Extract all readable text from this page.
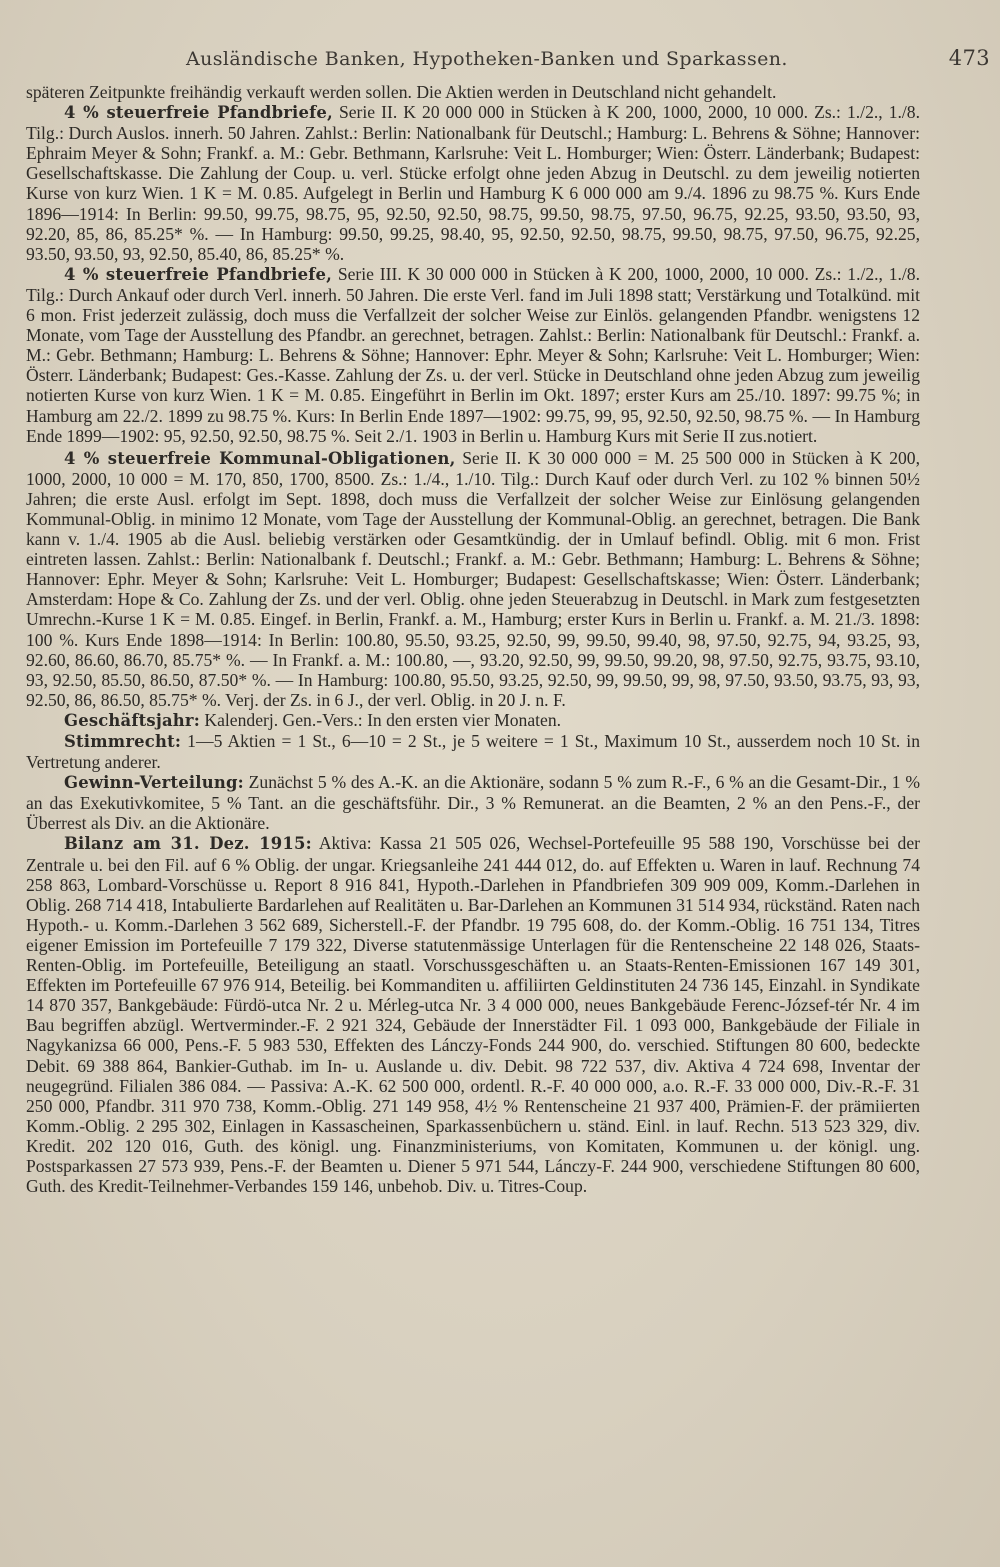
Ausländische Banken, Hypotheken-Banken und Sparkassen.	473

späteren Zeitpunkte freihändig verkauft werden sollen. Die Aktien werden in Deutschland nicht gehandelt.

4 % steuerfreie Pfandbriefe, Serie II. K 20 000 000 in Stücken à K 200, 1000, 2000, 10 000. Zs.: 1./2., 1./8. Tilg.: Durch Auslos. innerh. 50 Jahren. Zahlst.: Berlin: Nationalbank für Deutschl.; Hamburg: L. Behrens & Söhne; Hannover: Ephraim Meyer & Sohn; Frankf. a. M.: Gebr. Bethmann, Karlsruhe: Veit L. Homburger; Wien: Österr. Länderbank; Budapest: Gesellschaftskasse. Die Zahlung der Coup. u. verl. Stücke erfolgt ohne jeden Abzug in Deutschl. zu dem jeweilig notierten Kurse von kurz Wien. 1 K = M. 0.85. Aufgelegt in Berlin und Hamburg K 6 000 000 am 9./4. 1896 zu 98.75 %. Kurs Ende 1896—1914: In Berlin: 99.50, 99.75, 98.75, 95, 92.50, 92.50, 98.75, 99.50, 98.75, 97.50, 96.75, 92.25, 93.50, 93.50, 93, 92.20, 85, 86, 85.25* %. — In Hamburg: 99.50, 99.25, 98.40, 95, 92.50, 92.50, 98.75, 99.50, 98.75, 97.50, 96.75, 92.25, 93.50, 93.50, 93, 92.50, 85.40, 86, 85.25* %.

4 % steuerfreie Pfandbriefe, Serie III. K 30 000 000 in Stücken à K 200, 1000, 2000, 10 000. Zs.: 1./2., 1./8. Tilg.: Durch Ankauf oder durch Verl. innerh. 50 Jahren. Die erste Verl. fand im Juli 1898 statt; Verstärkung und Totalkünd. mit 6 mon. Frist jederzeit zulässig, doch muss die Verfallzeit der solcher Weise zur Einlös. gelangenden Pfandbr. wenigstens 12 Monate, vom Tage der Ausstellung des Pfandbr. an gerechnet, betragen. Zahlst.: Berlin: Nationalbank für Deutschl.: Frankf. a. M.: Gebr. Bethmann; Hamburg: L. Behrens & Söhne; Hannover: Ephr. Meyer & Sohn; Karlsruhe: Veit L. Homburger; Wien: Österr. Länderbank; Budapest: Ges.-Kasse. Zahlung der Zs. u. der verl. Stücke in Deutschland ohne jeden Abzug zum jeweilig notierten Kurse von kurz Wien. 1 K = M. 0.85. Eingeführt in Berlin im Okt. 1897; erster Kurs am 25./10. 1897: 99.75 %; in Hamburg am 22./2. 1899 zu 98.75 %. Kurs: In Berlin Ende 1897—1902: 99.75, 99, 95, 92.50, 92.50, 98.75 %. — In Hamburg Ende 1899—1902: 95, 92.50, 92.50, 98.75 %. Seit 2./1. 1903 in Berlin u. Hamburg Kurs mit Serie II zus.notiert.

4 % steuerfreie Kommunal-Obligationen, Serie II. K 30 000 000 = M. 25 500 000 in Stücken à K 200, 1000, 2000, 10 000 = M. 170, 850, 1700, 8500. Zs.: 1./4., 1./10. Tilg.: Durch Kauf oder durch Verl. zu 102 % binnen 50½ Jahren; die erste Ausl. erfolgt im Sept. 1898, doch muss die Verfallzeit der solcher Weise zur Einlösung gelangenden Kommunal-Oblig. in minimo 12 Monate, vom Tage der Ausstellung der Kommunal-Oblig. an gerechnet, betragen. Die Bank kann v. 1./4. 1905 ab die Ausl. beliebig verstärken oder Gesamtkündig. der in Umlauf befindl. Oblig. mit 6 mon. Frist eintreten lassen. Zahlst.: Berlin: Nationalbank f. Deutschl.; Frankf. a. M.: Gebr. Bethmann; Hamburg: L. Behrens & Söhne; Hannover: Ephr. Meyer & Sohn; Karlsruhe: Veit L. Homburger; Budapest: Gesellschaftskasse; Wien: Österr. Länderbank; Amsterdam: Hope & Co. Zahlung der Zs. und der verl. Oblig. ohne jeden Steuerabzug in Deutschl. in Mark zum festgesetzten Umrechn.-Kurse 1 K = M. 0.85. Eingef. in Berlin, Frankf. a. M., Hamburg; erster Kurs in Berlin u. Frankf. a. M. 21./3. 1898: 100 %. Kurs Ende 1898—1914: In Berlin: 100.80, 95.50, 93.25, 92.50, 99, 99.50, 99.40, 98, 97.50, 92.75, 94, 93.25, 93, 92.60, 86.60, 86.70, 85.75* %. — In Frankf. a. M.: 100.80, —, 93.20, 92.50, 99, 99.50, 99.20, 98, 97.50, 92.75, 93.75, 93.10, 93, 92.50, 85.50, 86.50, 87.50* %. — In Hamburg: 100.80, 95.50, 93.25, 92.50, 99, 99.50, 99, 98, 97.50, 93.50, 93.75, 93, 93, 92.50, 86, 86.50, 85.75* %. Verj. der Zs. in 6 J., der verl. Oblig. in 20 J. n. F.

Geschäftsjahr: Kalenderj. Gen.-Vers.: In den ersten vier Monaten.

Stimmrecht: 1—5 Aktien = 1 St., 6—10 = 2 St., je 5 weitere = 1 St., Maximum 10 St., ausserdem noch 10 St. in Vertretung anderer.

Gewinn-Verteilung: Zunächst 5 % des A.-K. an die Aktionäre, sodann 5 % zum R.-F., 6 % an die Gesamt-Dir., 1 % an das Exekutivkomitee, 5 % Tant. an die geschäftsführ. Dir., 3 % Remunerat. an die Beamten, 2 % an den Pens.-F., der Überrest als Div. an die Aktionäre.

Bilanz am 31. Dez. 1915: Aktiva: Kassa 21 505 026, Wechsel-Portefeuille 95 588 190, Vorschüsse bei der Zentrale u. bei den Fil. auf 6 % Oblig. der ungar. Kriegsanleihe 241 444 012, do. auf Effekten u. Waren in lauf. Rechnung 74 258 863, Lombard-Vorschüsse u. Report 8 916 841, Hypoth.-Darlehen in Pfandbriefen 309 909 009, Komm.-Darlehen in Oblig. 268 714 418, Intabulierte Bardarlehen auf Realitäten u. Bar-Darlehen an Kommunen 31 514 934, rückständ. Raten nach Hypoth.- u. Komm.-Darlehen 3 562 689, Sicherstell.-F. der Pfandbr. 19 795 608, do. der Komm.-Oblig. 16 751 134, Titres eigener Emission im Portefeuille 7 179 322, Diverse statutenmässige Unterlagen für die Rentenscheine 22 148 026, Staats-Renten-Oblig. im Portefeuille, Beteiligung an staatl. Vorschussgeschäften u. an Staats-Renten-Emissionen 167 149 301, Effekten im Portefeuille 67 976 914, Beteilig. bei Kommanditen u. affiliirten Geldinstituten 24 736 145, Einzahl. in Syndikate 14 870 357, Bankgebäude: Fürdö-utca Nr. 2 u. Mérleg-utca Nr. 3 4 000 000, neues Bankgebäude Ferenc-József-tér Nr. 4 im Bau begriffen abzügl. Wertverminder.-F. 2 921 324, Gebäude der Innerstädter Fil. 1 093 000, Bankgebäude der Filiale in Nagykanizsa 66 000, Pens.-F. 5 983 530, Effekten des Lánczy-Fonds 244 900, do. verschied. Stiftungen 80 600, bedeckte Debit. 69 388 864, Bankier-Guthab. im In- u. Auslande u. div. Debit. 98 722 537, div. Aktiva 4 724 698, Inventar der neugegründ. Filialen 386 084. — Passiva: A.-K. 62 500 000, ordentl. R.-F. 40 000 000, a.o. R.-F. 33 000 000, Div.-R.-F. 31 250 000, Pfandbr. 311 970 738, Komm.-Oblig. 271 149 958, 4½ % Rentenscheine 21 937 400, Prämien-F. der prämiierten Komm.-Oblig. 2 295 302, Einlagen in Kassascheinen, Sparkassenbüchern u. ständ. Einl. in lauf. Rechn. 513 523 329, div. Kredit. 202 120 016, Guth. des königl. ung. Finanzministeriums, von Komitaten, Kommunen u. der königl. ung. Postsparkassen 27 573 939, Pens.-F. der Beamten u. Diener 5 971 544, Lánczy-F. 244 900, verschiedene Stiftungen 80 600, Guth. des Kredit-Teilnehmer-Verbandes 159 146, unbehob. Div. u. Titres-Coup.
